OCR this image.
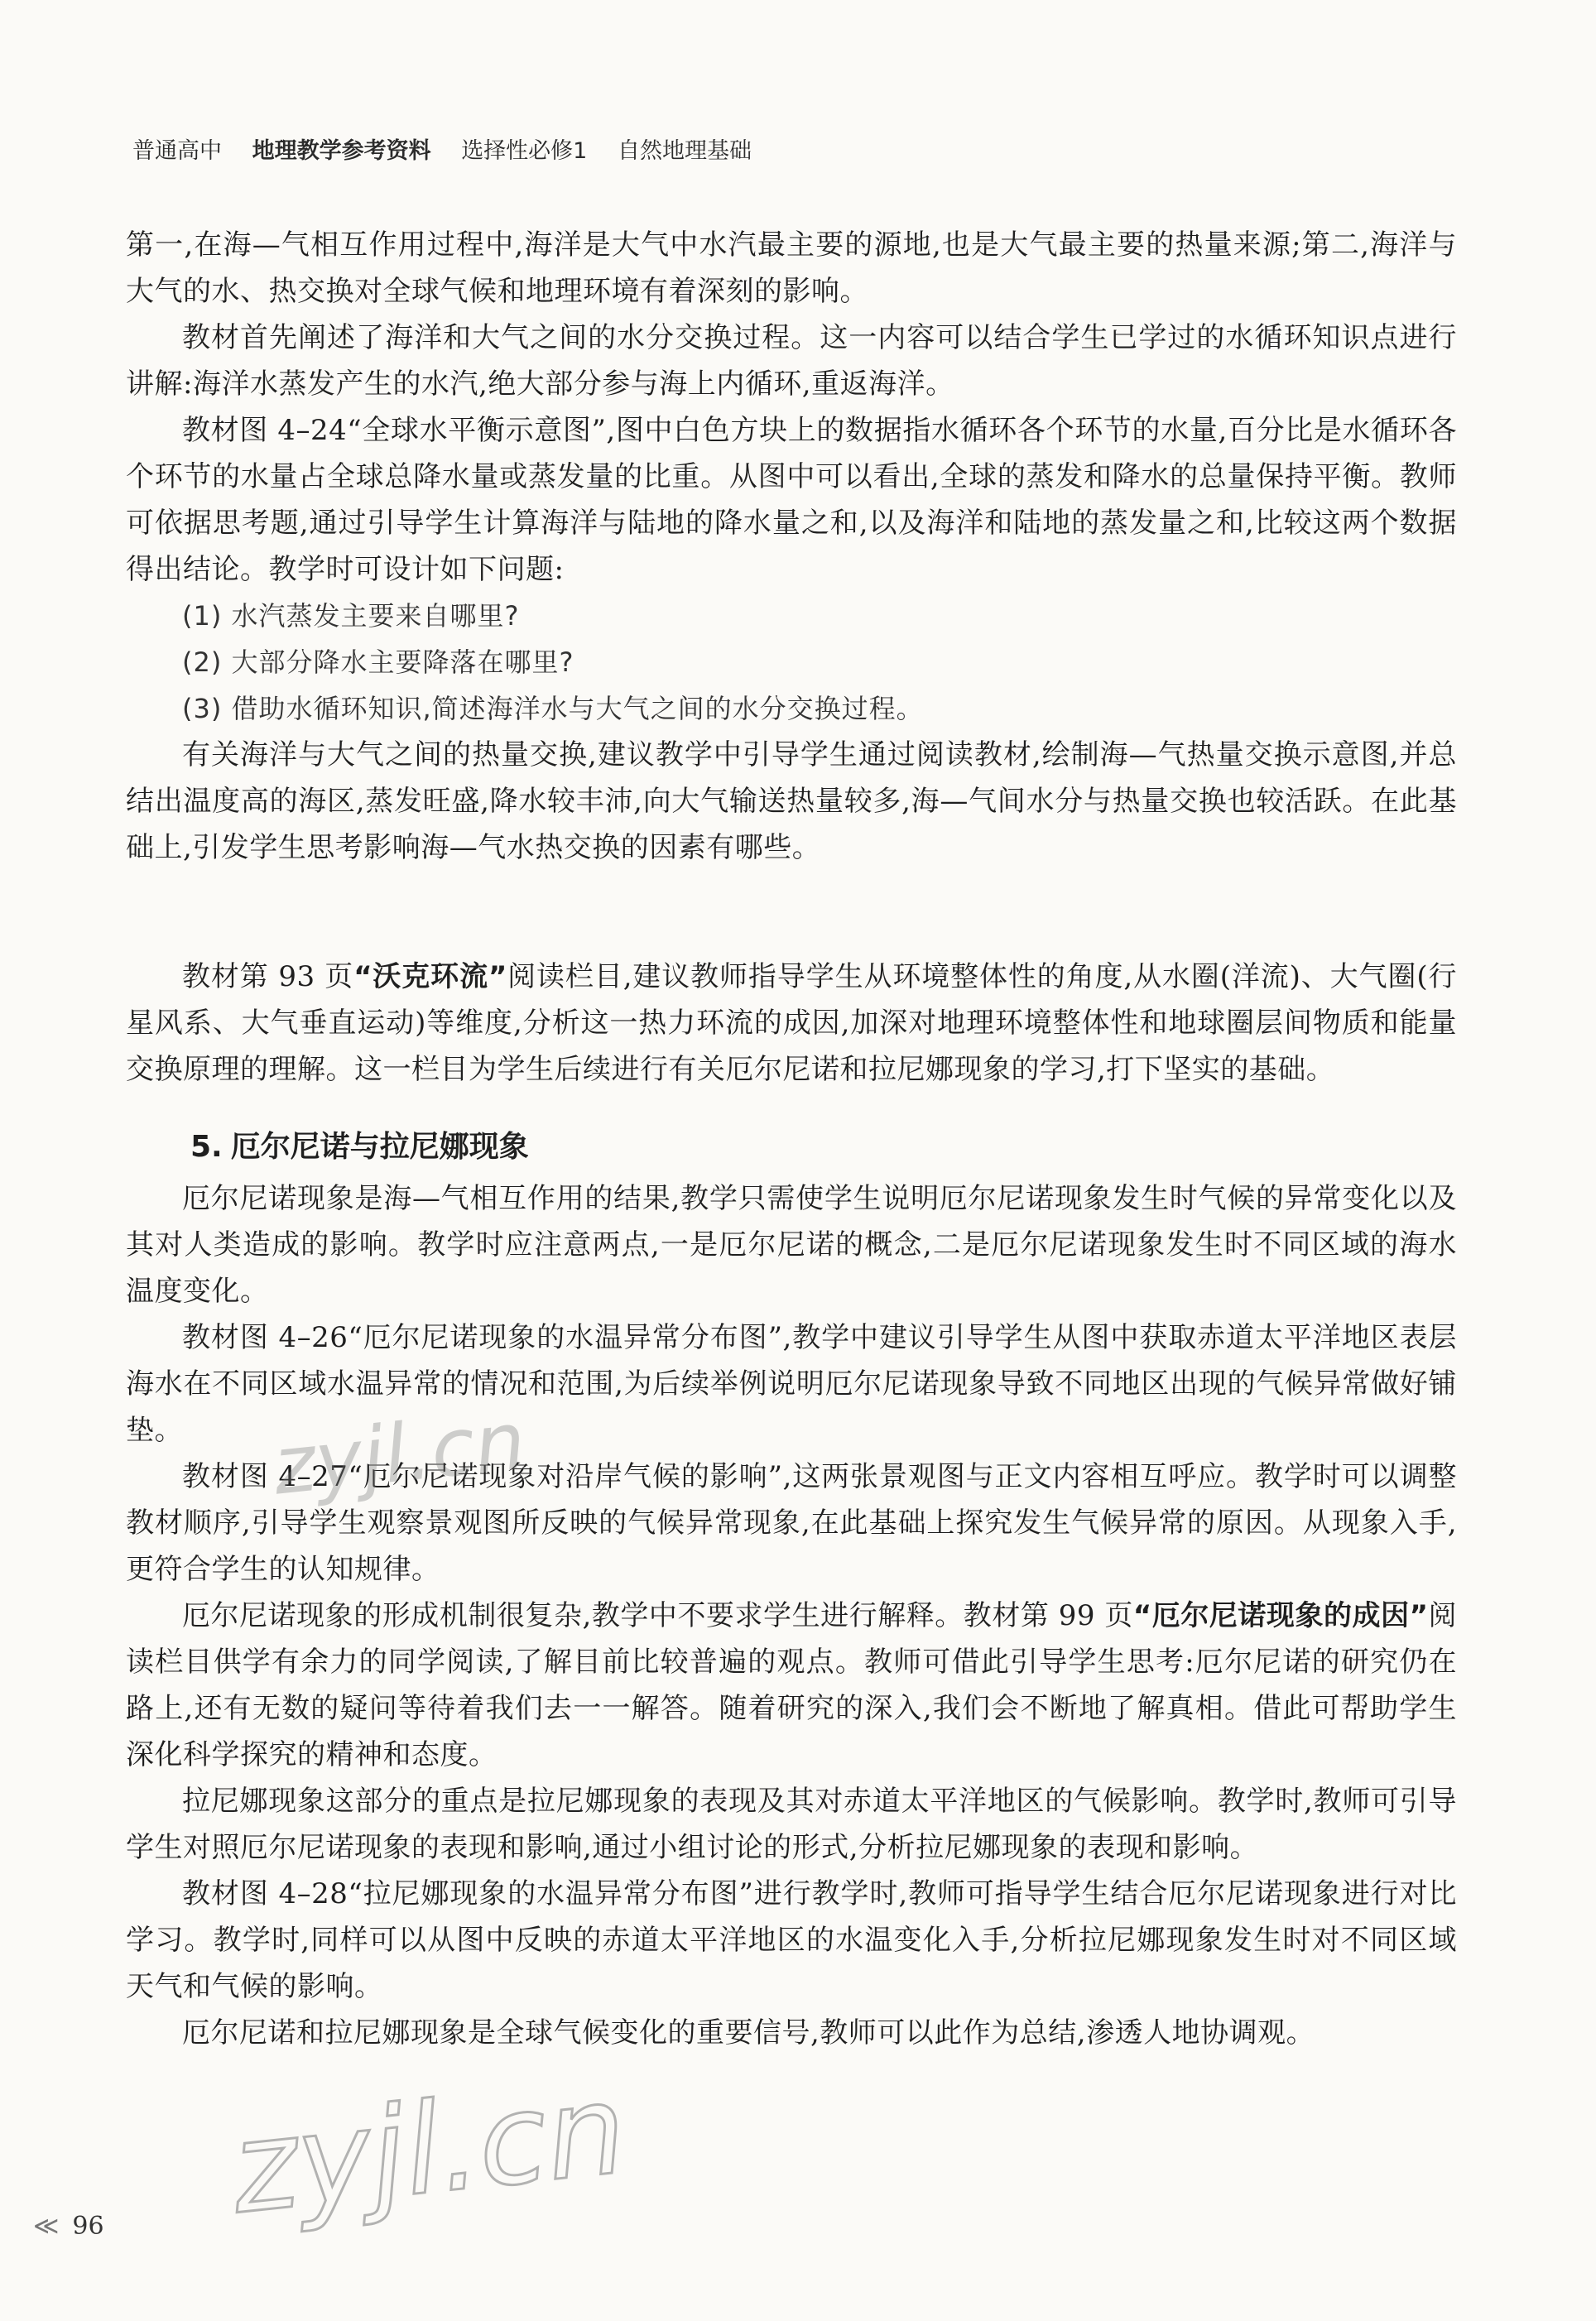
普通高中 地理教学参考资料 选择性必修1 自然地理基础

第一,在海—气相互作用过程中,海洋是大气中水汽最主要的源地,也是大气最主要的热量来源;第二,海洋与大气的水、热交换对全球气候和地理环境有着深刻的影响。

教材首先阐述了海洋和大气之间的水分交换过程。这一内容可以结合学生已学过的水循环知识点进行讲解:海洋水蒸发产生的水汽,绝大部分参与海上内循环,重返海洋。

教材图 4–24“全球水平衡示意图”,图中白色方块上的数据指水循环各个环节的水量,百分比是水循环各个环节的水量占全球总降水量或蒸发量的比重。从图中可以看出,全球的蒸发和降水的总量保持平衡。教师可依据思考题,通过引导学生计算海洋与陆地的降水量之和,以及海洋和陆地的蒸发量之和,比较这两个数据得出结论。教学时可设计如下问题:

(1) 水汽蒸发主要来自哪里?

(2) 大部分降水主要降落在哪里?

(3) 借助水循环知识,简述海洋水与大气之间的水分交换过程。

有关海洋与大气之间的热量交换,建议教学中引导学生通过阅读教材,绘制海—气热量交换示意图,并总结出温度高的海区,蒸发旺盛,降水较丰沛,向大气输送热量较多,海—气间水分与热量交换也较活跃。在此基础上,引发学生思考影响海—气水热交换的因素有哪些。

教材第 93 页“沃克环流”阅读栏目,建议教师指导学生从环境整体性的角度,从水圈(洋流)、大气圈(行星风系、大气垂直运动)等维度,分析这一热力环流的成因,加深对地理环境整体性和地球圈层间物质和能量交换原理的理解。这一栏目为学生后续进行有关厄尔尼诺和拉尼娜现象的学习,打下坚实的基础。

5. 厄尔尼诺与拉尼娜现象

厄尔尼诺现象是海—气相互作用的结果,教学只需使学生说明厄尔尼诺现象发生时气候的异常变化以及其对人类造成的影响。教学时应注意两点,一是厄尔尼诺的概念,二是厄尔尼诺现象发生时不同区域的海水温度变化。

教材图 4–26“厄尔尼诺现象的水温异常分布图”,教学中建议引导学生从图中获取赤道太平洋地区表层海水在不同区域水温异常的情况和范围,为后续举例说明厄尔尼诺现象导致不同地区出现的气候异常做好铺垫。

教材图 4–27“厄尔尼诺现象对沿岸气候的影响”,这两张景观图与正文内容相互呼应。教学时可以调整教材顺序,引导学生观察景观图所反映的气候异常现象,在此基础上探究发生气候异常的原因。从现象入手,更符合学生的认知规律。

厄尔尼诺现象的形成机制很复杂,教学中不要求学生进行解释。教材第 99 页“厄尔尼诺现象的成因”阅读栏目供学有余力的同学阅读,了解目前比较普遍的观点。教师可借此引导学生思考:厄尔尼诺的研究仍在路上,还有无数的疑问等待着我们去一一解答。随着研究的深入,我们会不断地了解真相。借此可帮助学生深化科学探究的精神和态度。

拉尼娜现象这部分的重点是拉尼娜现象的表现及其对赤道太平洋地区的气候影响。教学时,教师可引导学生对照厄尔尼诺现象的表现和影响,通过小组讨论的形式,分析拉尼娜现象的表现和影响。

教材图 4–28“拉尼娜现象的水温异常分布图”进行教学时,教师可指导学生结合厄尔尼诺现象进行对比学习。教学时,同样可以从图中反映的赤道太平洋地区的水温变化入手,分析拉尼娜现象发生时对不同区域天气和气候的影响。

厄尔尼诺和拉尼娜现象是全球气候变化的重要信号,教师可以此作为总结,渗透人地协调观。

zyjl.cn
zyjl.cn
≪ 96
